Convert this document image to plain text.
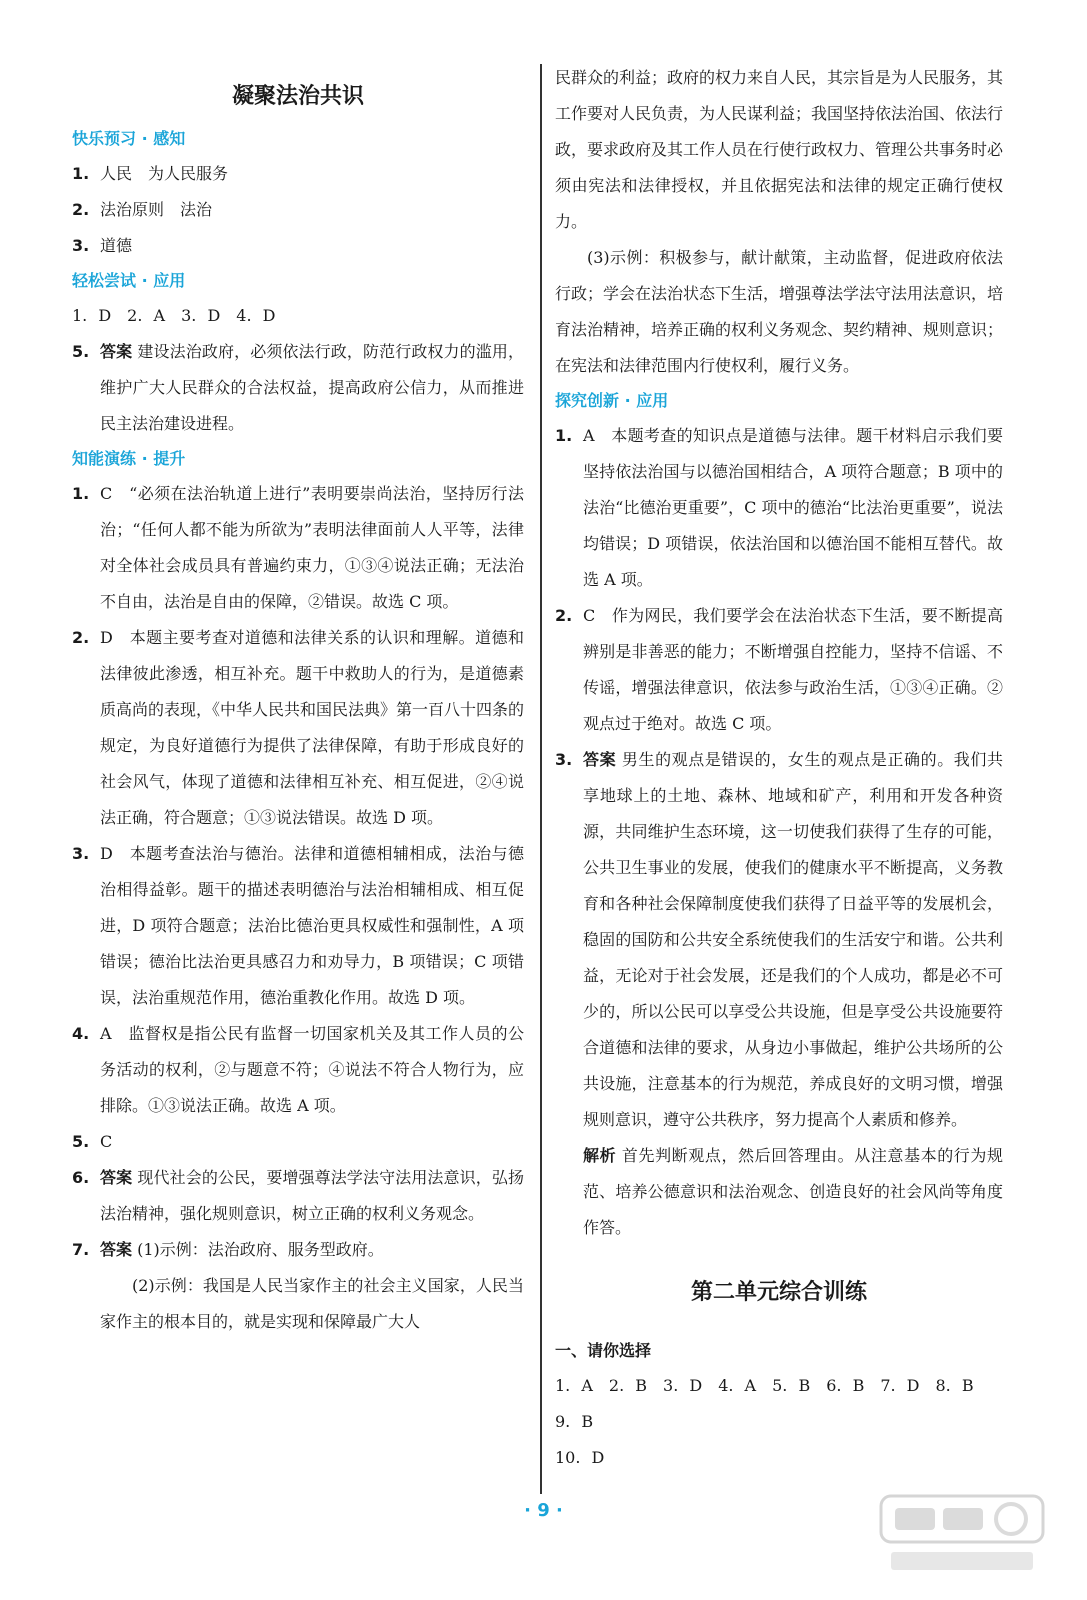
凝聚法治共识
快乐预习 · 感知

1. 人民　为人民服务

2. 法治原则　法治

3. 道德

轻松尝试 · 应用

1. D　2. A　3. D　4. D

5. 答案 建设法治政府，必须依法行政，防范行政权力的滥用，维护广大人民群众的合法权益，提高政府公信力，从而推进民主法治建设进程。

知能演练 · 提升

1. C　“必须在法治轨道上进行”表明要崇尚法治，坚持厉行法治；“任何人都不能为所欲为”表明法律面前人人平等，法律对全体社会成员具有普遍约束力，①③④说法正确；无法治不自由，法治是自由的保障，②错误。故选 C 项。

2. D　本题主要考查对道德和法律关系的认识和理解。道德和法律彼此渗透，相互补充。题干中救助人的行为，是道德素质高尚的表现，《中华人民共和国民法典》第一百八十四条的规定，为良好道德行为提供了法律保障，有助于形成良好的社会风气，体现了道德和法律相互补充、相互促进，②④说法正确，符合题意；①③说法错误。故选 D 项。

3. D　本题考查法治与德治。法律和道德相辅相成，法治与德治相得益彰。题干的描述表明德治与法治相辅相成、相互促进，D 项符合题意；法治比德治更具权威性和强制性，A 项错误；德治比法治更具感召力和劝导力，B 项错误；C 项错误，法治重规范作用，德治重教化作用。故选 D 项。

4. A　监督权是指公民有监督一切国家机关及其工作人员的公务活动的权利，②与题意不符；④说法不符合人物行为，应排除。①③说法正确。故选 A 项。

5. C

6. 答案 现代社会的公民，要增强尊法学法守法用法意识，弘扬法治精神，强化规则意识，树立正确的权利义务观念。

7. 答案 (1)示例：法治政府、服务型政府。

(2)示例：我国是人民当家作主的社会主义国家，人民当家作主的根本目的，就是实现和保障最广大人

民群众的利益；政府的权力来自人民，其宗旨是为人民服务，其工作要对人民负责，为人民谋利益；我国坚持依法治国、依法行政，要求政府及其工作人员在行使行政权力、管理公共事务时必须由宪法和法律授权，并且依据宪法和法律的规定正确行使权力。

(3)示例：积极参与，献计献策，主动监督，促进政府依法行政；学会在法治状态下生活，增强尊法学法守法用法意识，培育法治精神，培养正确的权利义务观念、契约精神、规则意识；在宪法和法律范围内行使权利，履行义务。

探究创新 · 应用

1. A　本题考查的知识点是道德与法律。题干材料启示我们要坚持依法治国与以德治国相结合，A 项符合题意；B 项中的法治“比德治更重要”，C 项中的德治“比法治更重要”，说法均错误；D 项错误，依法治国和以德治国不能相互替代。故选 A 项。

2. C　作为网民，我们要学会在法治状态下生活，要不断提高辨别是非善恶的能力；不断增强自控能力，坚持不信谣、不传谣，增强法律意识，依法参与政治生活，①③④正确。②观点过于绝对。故选 C 项。

3. 答案 男生的观点是错误的，女生的观点是正确的。我们共享地球上的土地、森林、地域和矿产，利用和开发各种资源，共同维护生态环境，这一切使我们获得了生存的可能，公共卫生事业的发展，使我们的健康水平不断提高，义务教育和各种社会保障制度使我们获得了日益平等的发展机会，稳固的国防和公共安全系统使我们的生活安宁和谐。公共利益，无论对于社会发展，还是我们的个人成功，都是必不可少的，所以公民可以享受公共设施，但是享受公共设施要符合道德和法律的要求，从身边小事做起，维护公共场所的公共设施，注意基本的行为规范，养成良好的文明习惯，增强规则意识，遵守公共秩序，努力提高个人素质和修养。

解析 首先判断观点，然后回答理由。从注意基本的行为规范、培养公德意识和法治观念、创造良好的社会风尚等角度作答。

第二单元综合训练
一、请你选择

1. A　2. B　3. D　4. A　5. B　6. B　7. D　8. B　9. B

10. D

· 9 ·
